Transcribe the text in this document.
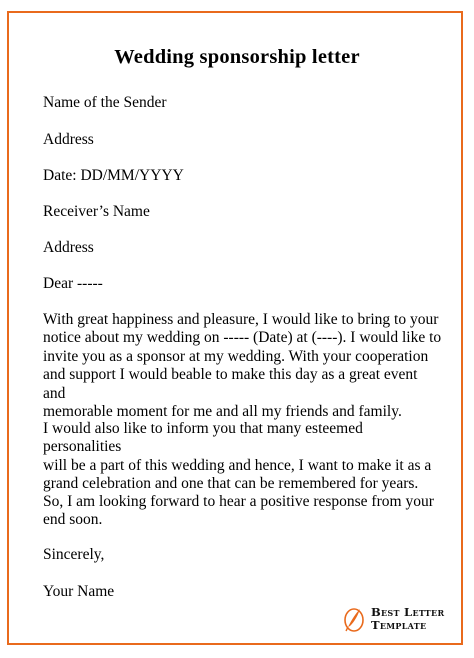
Wedding sponsorship letter
Name of the Sender
Address
Date: DD/MM/YYYY
Receiver’s Name
Address
Dear -----
With great happiness and pleasure, I would like to bring to your
notice about my wedding on ----- (Date) at (----). I would like to
invite you as a sponsor at my wedding. With your cooperation
and support I would beable to make this day as a great event and
memorable moment for me and all my friends and family.
I would also like to inform you that many esteemed personalities
will be a part of this wedding and hence, I want to make it as a
grand celebration and one that can be remembered for years.
So, I am looking forward to hear a positive response from your
end soon.
Sincerely,
Your Name
Best Letter
Template
